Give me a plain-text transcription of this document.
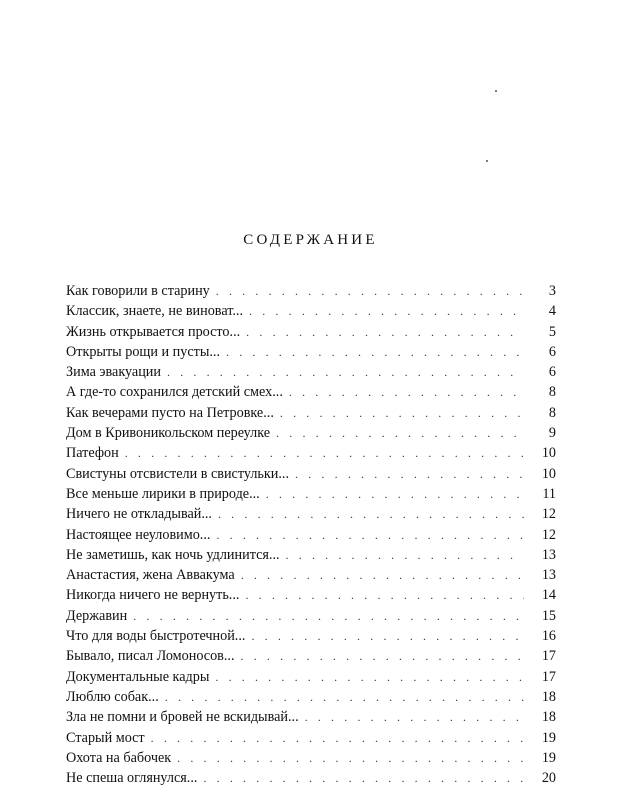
СОДЕРЖАНИЕ
Как говорили в старину . . .	3
Классик, знаете, не виноват... . . .	4
Жизнь открывается просто... . . .	5
Открыты рощи и пусты... . . .	6
Зима эвакуации . . .	6
А где-то сохранился детский смех... . . .	8
Как вечерами пусто на Петровке... . . .	8
Дом в Кривоникольском переулке . . .	9
Патефон . . .	10
Свистуны отсвистели в свистульки... . . .	10
Все меньше лирики в природе... . . .	11
Ничего не откладывай... . . .	12
Настоящее неуловимо... . . .	12
Не заметишь, как ночь удлинится... . . .	13
Анастастия, жена Аввакума . . .	13
Никогда ничего не вернуть... . . .	14
Державин . . .	15
Что для воды быстротечной... . . .	16
Бывало, писал Ломоносов... . . .	17
Документальные кадры . . .	17
Люблю собак... . . .	18
Зла не помни и бровей не вскидывай... . . .	18
Старый мост . . .	19
Охота на бабочек . . .	19
Не спеша оглянулся... . . .	20
